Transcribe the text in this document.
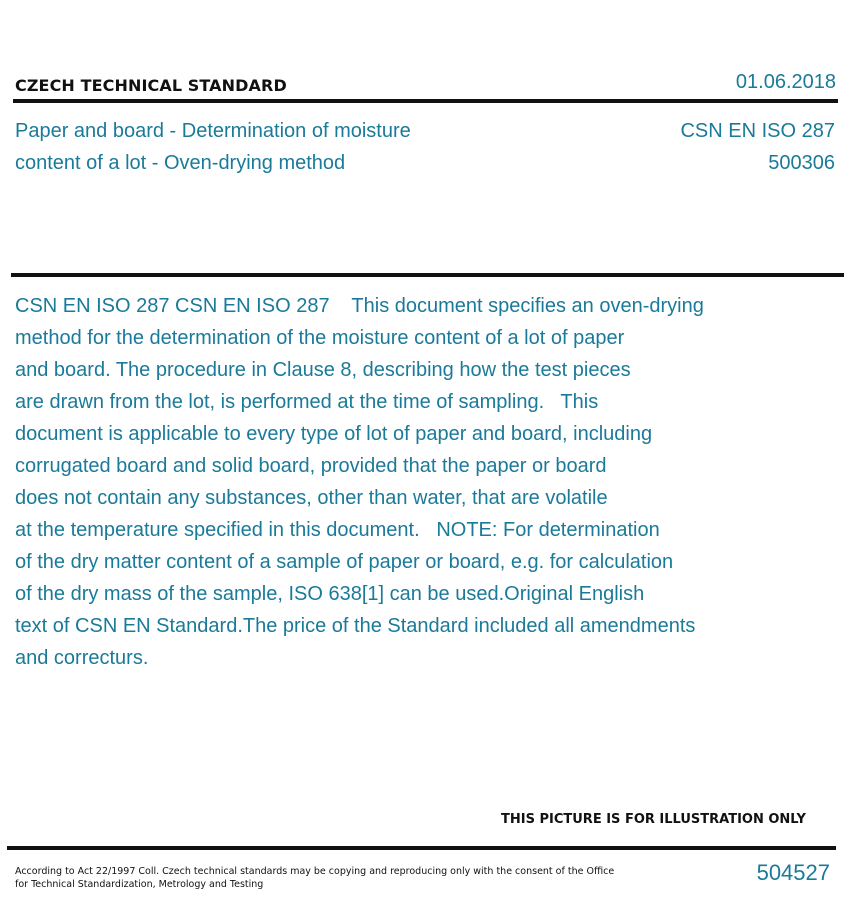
CZECH TECHNICAL STANDARD	01.06.2018
Paper and board - Determination of moisture
content of a lot - Oven-drying method
CSN EN ISO 287
500306
CSN EN ISO 287 CSN EN ISO 287    This document specifies an oven-drying
method for the determination of the moisture content of a lot of paper
and board. The procedure in Clause 8, describing how the test pieces
are drawn from the lot, is performed at the time of sampling.   This
document is applicable to every type of lot of paper and board, including
corrugated board and solid board, provided that the paper or board
does not contain any substances, other than water, that are volatile
at the temperature specified in this document.   NOTE: For determination
of the dry matter content of a sample of paper or board, e.g. for calculation
of the dry mass of the sample, ISO 638[1] can be used.Original English
text of CSN EN Standard.The price of the Standard included all amendments
and correcturs.
THIS PICTURE IS FOR ILLUSTRATION ONLY
According to Act 22/1997 Coll. Czech technical standards may be copying and reproducing only with the consent of the Office
for Technical Standardization, Metrology and Testing	504527
